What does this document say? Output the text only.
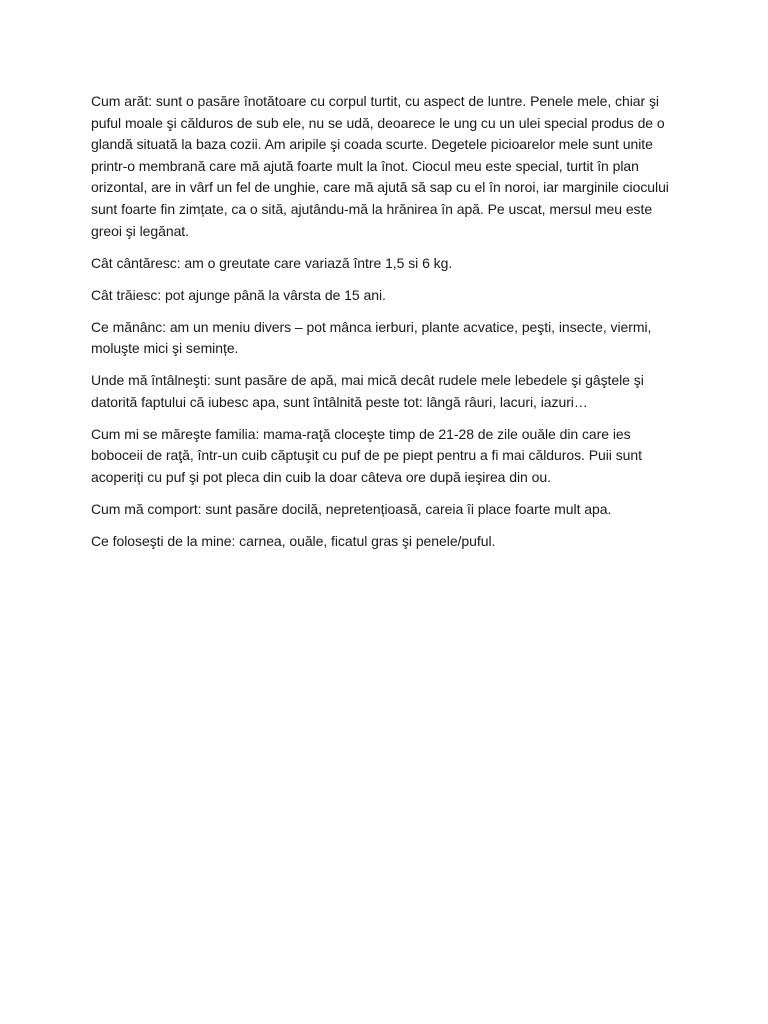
Cum arăt: sunt o pasăre înotătoare cu corpul turtit, cu aspect de luntre. Penele mele, chiar şi puful moale şi călduros de sub ele, nu se udă, deoarece le ung cu un ulei special produs de o glandă situată la baza cozii. Am aripile şi coada scurte. Degetele picioarelor mele sunt unite printr-o membrană care mă ajută foarte mult la înot. Ciocul meu este special, turtit în plan orizontal, are in vârf un fel de unghie, care mă ajută să sap cu el în noroi, iar marginile ciocului sunt foarte fin zimțate, ca o sită, ajutându-mă la hrănirea în apă. Pe uscat, mersul meu este greoi şi legănat.

Cât cântăresc: am o greutate care variază între 1,5 si 6 kg.

Cât trăiesc: pot ajunge până la vârsta de 15 ani.

Ce mănânc: am un meniu divers – pot mânca ierburi, plante acvatice, peşti, insecte, viermi, moluşte mici şi semințe.

Unde mă întâlneşti: sunt pasăre de apă, mai mică decât rudele mele lebedele şi gâştele şi datorită faptului că iubesc apa, sunt întâlnită peste tot: lângă râuri, lacuri, iazuri…

Cum mi se măreşte familia: mama-raţă cloceşte timp de 21-28 de zile ouăle din care ies boboceii de raţă, într-un cuib căptuşit cu puf de pe piept pentru a fi mai călduros. Puii sunt acoperiți cu puf şi pot pleca din cuib la doar câteva ore după ieşirea din ou.

Cum mă comport: sunt pasăre docilă, nepretențioasă, careia îi place foarte mult apa.

Ce foloseşti de la mine: carnea, ouăle, ficatul gras şi penele/puful.
